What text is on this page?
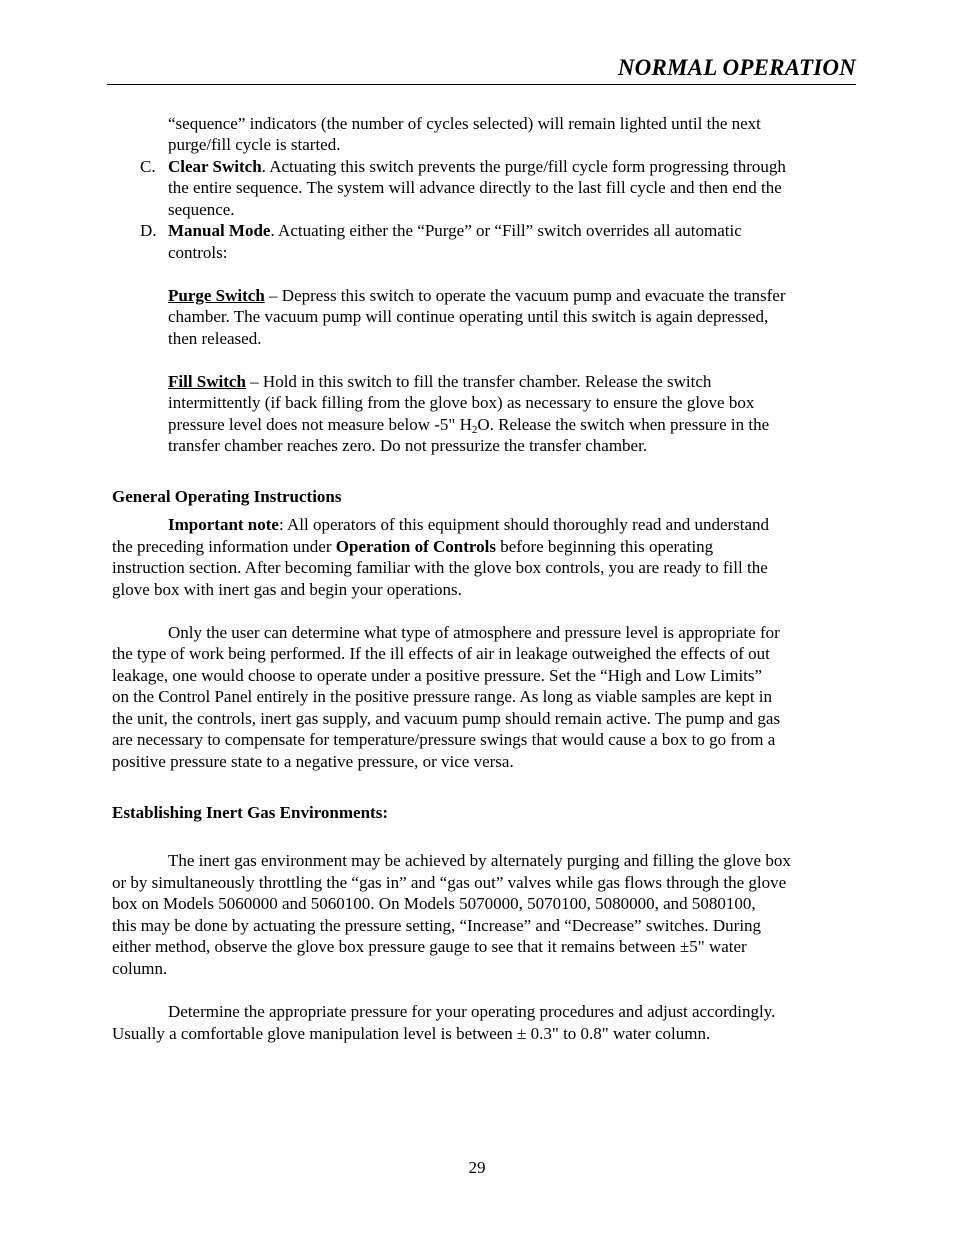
NORMAL OPERATION
“sequence” indicators (the number of cycles selected) will remain lighted until the next
purge/fill cycle is started.
C. Clear Switch. Actuating this switch prevents the purge/fill cycle form progressing through
the entire sequence. The system will advance directly to the last fill cycle and then end the
sequence.
D. Manual Mode. Actuating either the “Purge” or “Fill” switch overrides all automatic
controls:
Purge Switch – Depress this switch to operate the vacuum pump and evacuate the transfer
chamber. The vacuum pump will continue operating until this switch is again depressed,
then released.
Fill Switch – Hold in this switch to fill the transfer chamber. Release the switch
intermittently (if back filling from the glove box) as necessary to ensure the glove box
pressure level does not measure below -5" $H_2O$. Release the switch when pressure in the
transfer chamber reaches zero. Do not pressurize the transfer chamber.
General Operating Instructions
Important note: All operators of this equipment should thoroughly read and understand
the preceding information under Operation of Controls before beginning this operating
instruction section. After becoming familiar with the glove box controls, you are ready to fill the
glove box with inert gas and begin your operations.
Only the user can determine what type of atmosphere and pressure level is appropriate for
the type of work being performed. If the ill effects of air in leakage outweighed the effects of out
leakage, one would choose to operate under a positive pressure. Set the “High and Low Limits”
on the Control Panel entirely in the positive pressure range. As long as viable samples are kept in
the unit, the controls, inert gas supply, and vacuum pump should remain active. The pump and gas
are necessary to compensate for temperature/pressure swings that would cause a box to go from a
positive pressure state to a negative pressure, or vice versa.
Establishing Inert Gas Environments:
The inert gas environment may be achieved by alternately purging and filling the glove box
or by simultaneously throttling the “gas in” and “gas out” valves while gas flows through the glove
box on Models 5060000 and 5060100. On Models 5070000, 5070100, 5080000, and 5080100,
this may be done by actuating the pressure setting, “Increase” and “Decrease” switches. During
either method, observe the glove box pressure gauge to see that it remains between ±5" water
column.
Determine the appropriate pressure for your operating procedures and adjust accordingly.
Usually a comfortable glove manipulation level is between ± 0.3" to 0.8" water column.
29
